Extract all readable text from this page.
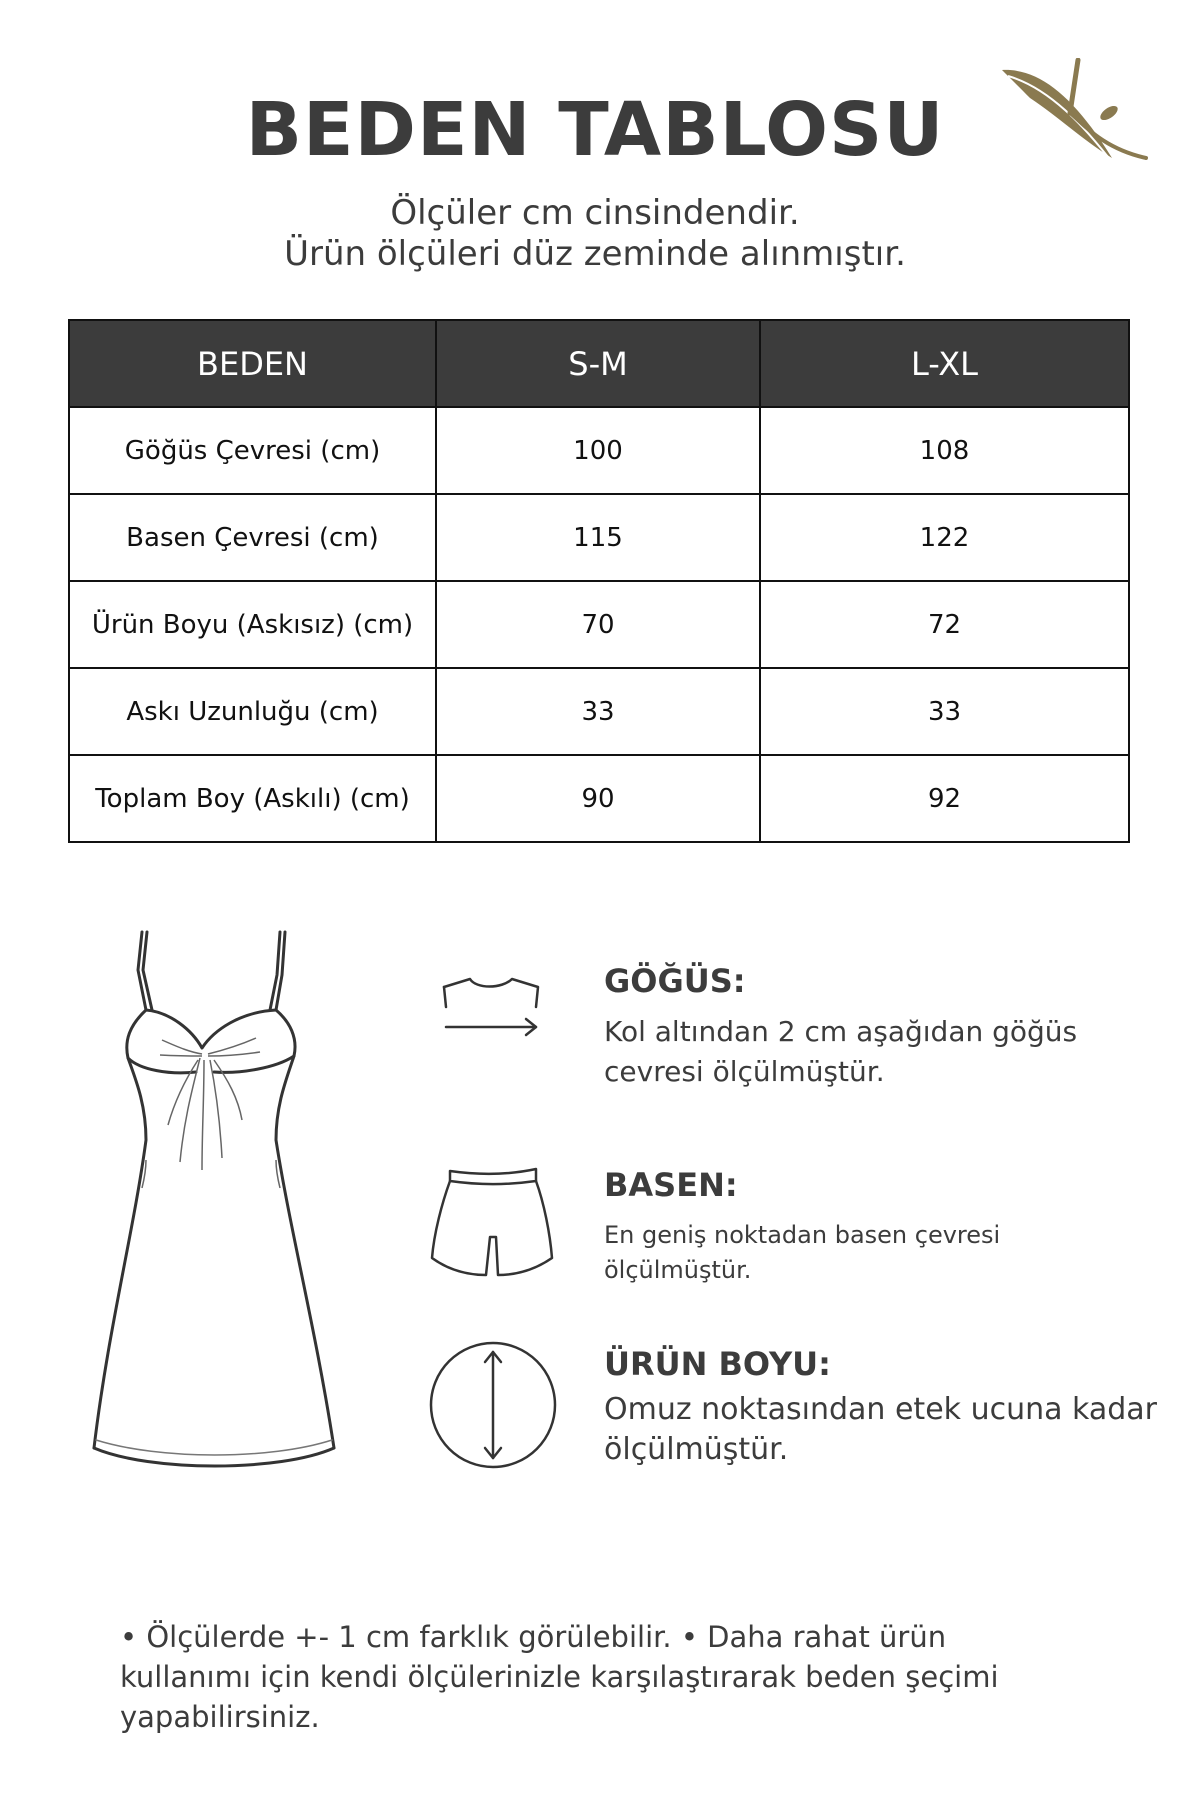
BEDEN TABLOSU
Ölçüler cm cinsindendir.
Ürün ölçüleri düz zeminde alınmıştır.
BEDEN	S-M	L-XL
Göğüs Çevresi (cm)	100	108
Basen Çevresi (cm)	115	122
Ürün Boyu (Askısız) (cm)	70	72
Askı Uzunluğu (cm)	33	33
Toplam Boy (Askılı) (cm)	90	92
GÖĞÜS:
Kol altından 2 cm aşağıdan göğüs cevresi ölçülmüştür.
BASEN:
En geniş noktadan basen çevresi ölçülmüştür.
ÜRÜN BOYU:
Omuz noktasından etek ucuna kadar ölçülmüştür.
• Ölçülerde +- 1 cm farklık görülebilir. • Daha rahat ürün kullanımı için kendi ölçülerinizle karşılaştırarak beden şeçimi yapabilirsiniz.
